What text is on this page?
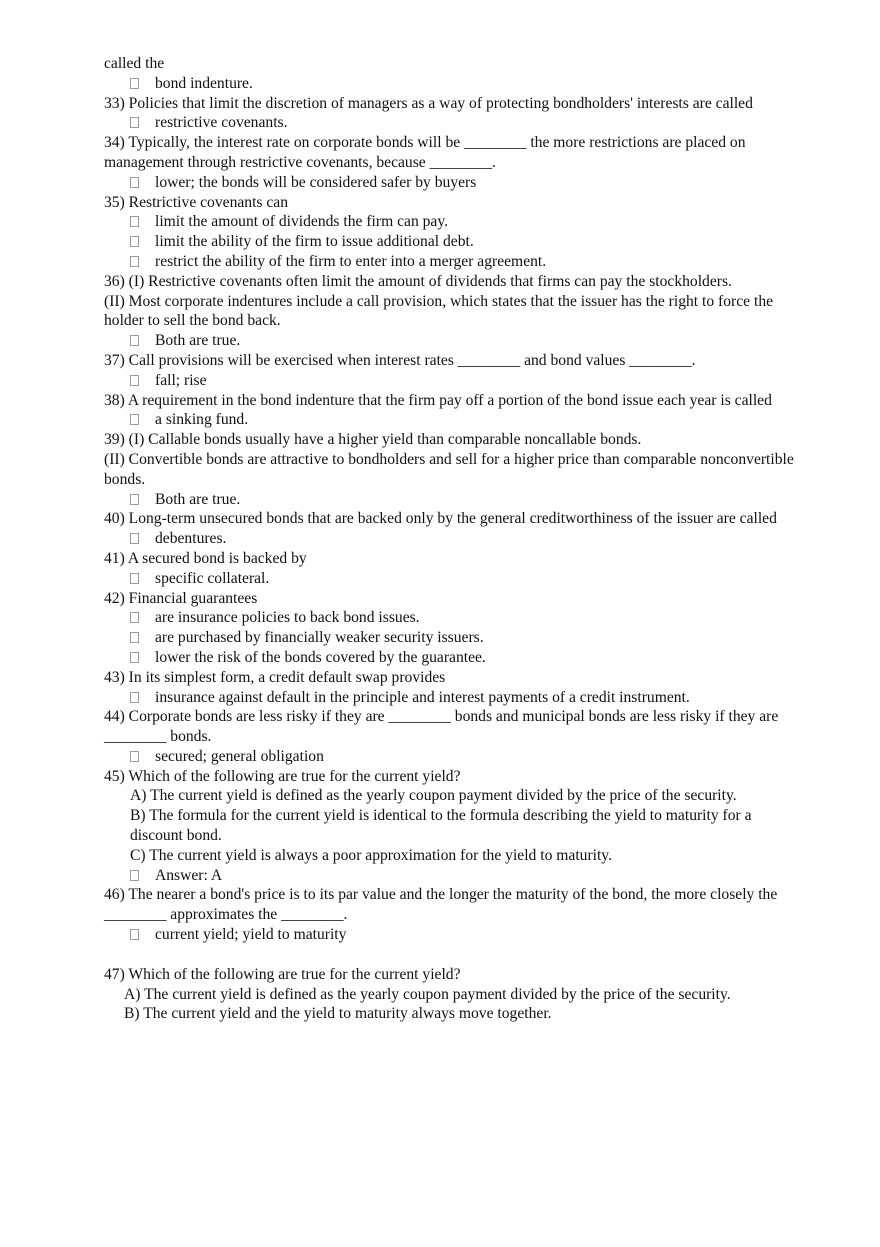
called the

bond indenture.

33) Policies that limit the discretion of managers as a way of protecting bondholders' interests are called

restrictive covenants.

34) Typically, the interest rate on corporate bonds will be ________ the more restrictions are placed on management through restrictive covenants, because ________.

lower; the bonds will be considered safer by buyers

35) Restrictive covenants can

limit the amount of dividends the firm can pay.

limit the ability of the firm to issue additional debt.

restrict the ability of the firm to enter into a merger agreement.

36) (I) Restrictive covenants often limit the amount of dividends that firms can pay the stockholders.

(II) Most corporate indentures include a call provision, which states that the issuer has the right to force the holder to sell the bond back.

Both are true.

37) Call provisions will be exercised when interest rates ________ and bond values ________.

fall; rise

38) A requirement in the bond indenture that the firm pay off a portion of the bond issue each year is called

a sinking fund.

39) (I) Callable bonds usually have a higher yield than comparable noncallable bonds.

(II) Convertible bonds are attractive to bondholders and sell for a higher price than comparable nonconvertible bonds.

Both are true.

40) Long-term unsecured bonds that are backed only by the general creditworthiness of the issuer are called

debentures.

41) A secured bond is backed by

specific collateral.

42) Financial guarantees

are insurance policies to back bond issues.

are purchased by financially weaker security issuers.

lower the risk of the bonds covered by the guarantee.

43) In its simplest form, a credit default swap provides

insurance against default in the principle and interest payments of a credit instrument.

44) Corporate bonds are less risky if they are ________ bonds and municipal bonds are less risky if they are ________ bonds.

secured; general obligation

45) Which of the following are true for the current yield?

A) The current yield is defined as the yearly coupon payment divided by the price of the security.

B) The formula for the current yield is identical to the formula describing the yield to maturity for a discount bond.

C) The current yield is always a poor approximation for the yield to maturity.

Answer: A

46) The nearer a bond's price is to its par value and the longer the maturity of the bond, the more closely the ________ approximates the ________.

current yield; yield to maturity

47) Which of the following are true for the current yield?

A) The current yield is defined as the yearly coupon payment divided by the price of the security.

B) The current yield and the yield to maturity always move together.
